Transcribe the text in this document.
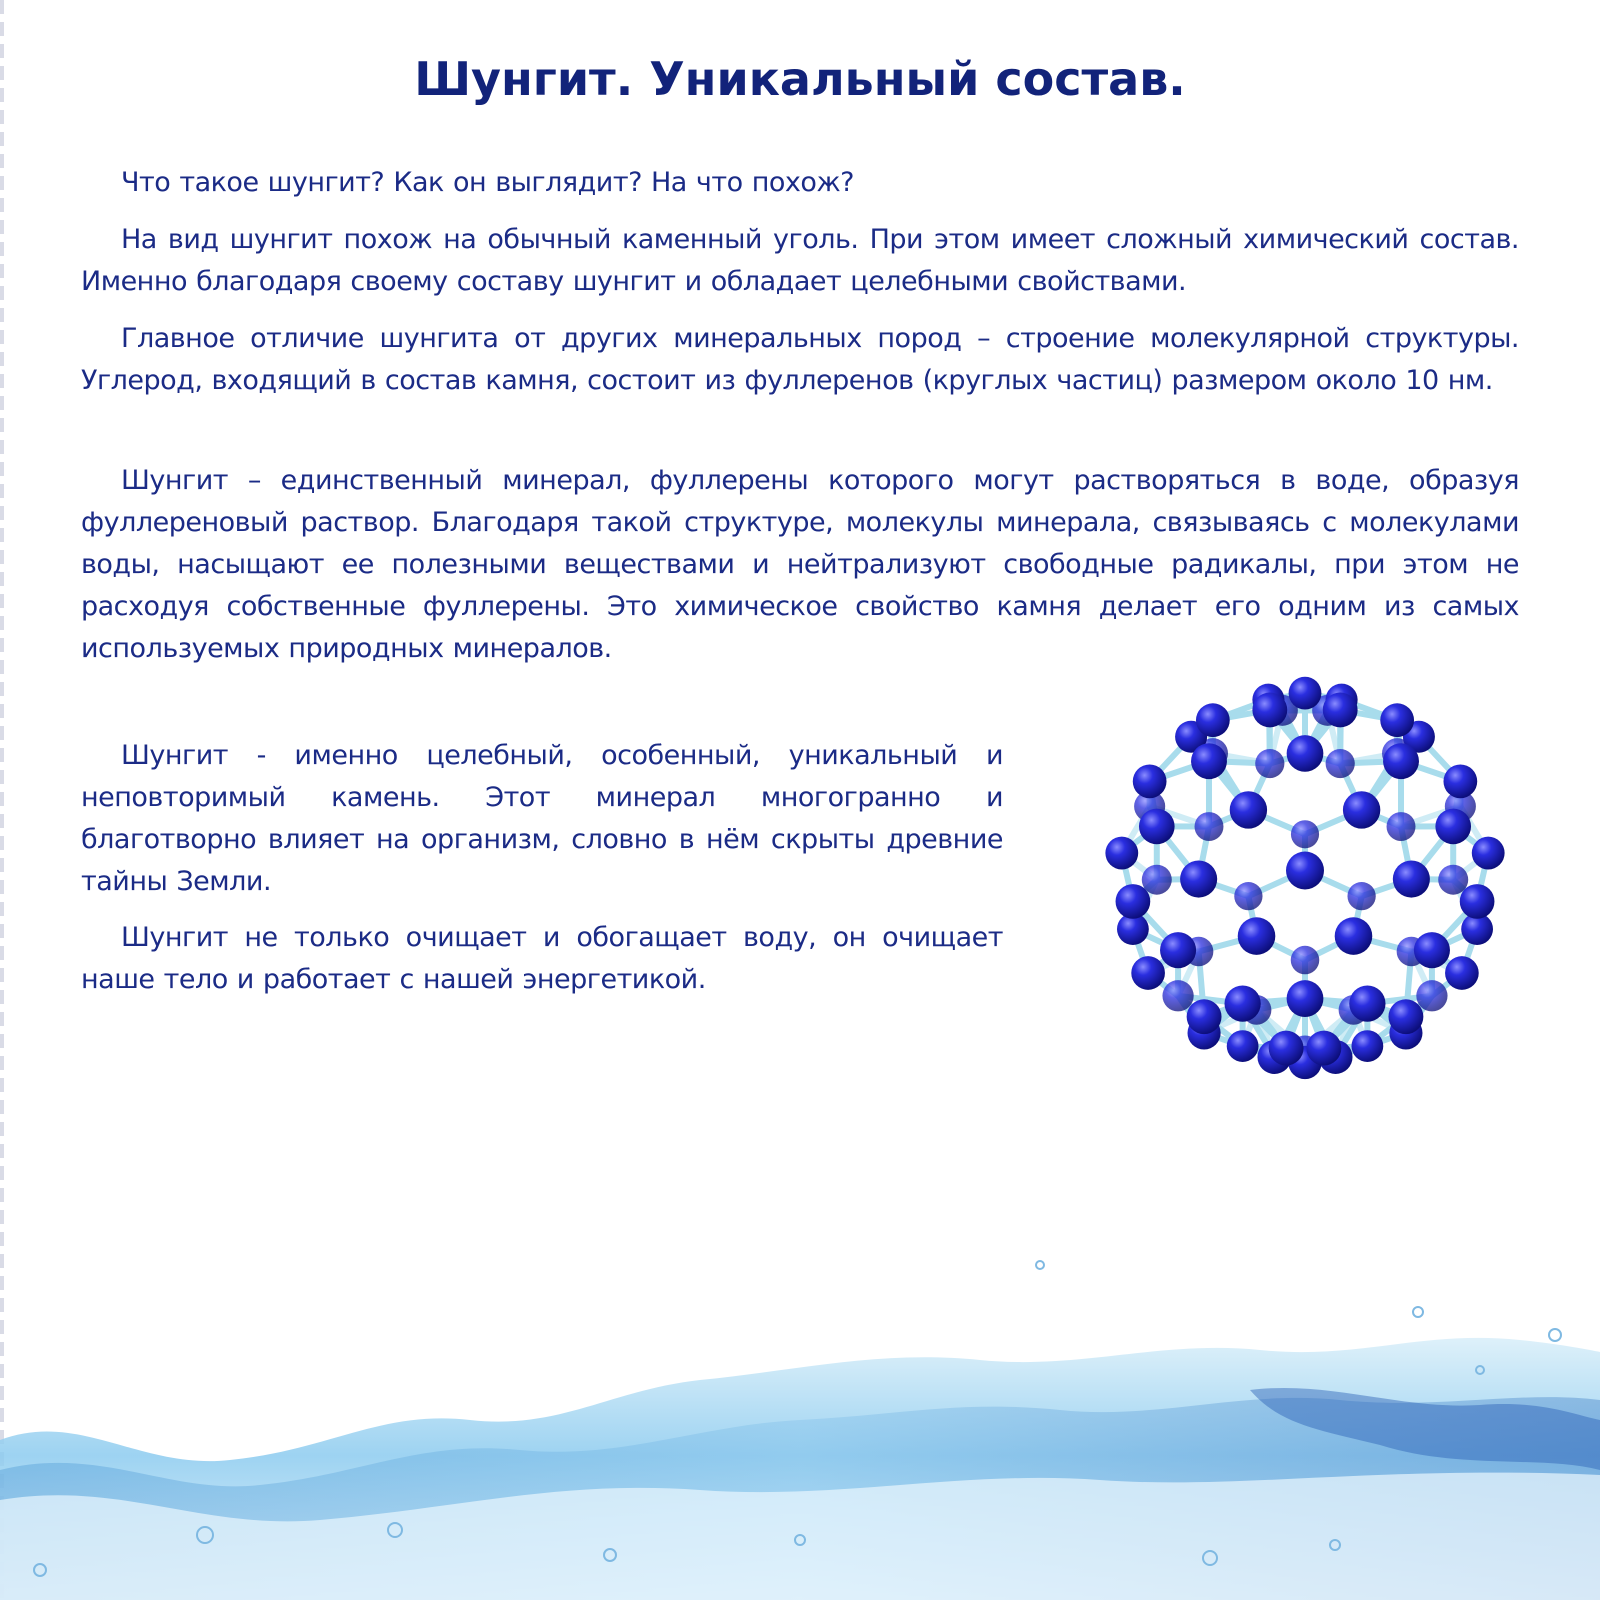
Шунгит. Уникальный состав.

Что такое шунгит? Как он выглядит? На что похож?

На вид шунгит похож на обычный каменный уголь. При этом имеет сложный химический состав. Именно благодаря своему составу шунгит и обладает целебными свойствами.

Главное отличие шунгита от других минеральных пород – строение молекулярной структуры. Углерод, входящий в состав камня, состоит из фуллеренов (круглых частиц) размером около 10 нм.

Шунгит – единственный минерал, фуллерены которого могут растворяться в воде, образуя фуллереновый раствор. Благодаря такой структуре, молекулы минерала, связываясь с молекулами воды, насыщают ее полезными веществами и нейтрализуют свободные радикалы, при этом не расходуя собственные фуллерены. Это химическое свойство камня делает его одним из самых используемых природных минералов.

Шунгит - именно целебный, особенный, уникальный и неповторимый камень. Этот минерал многогранно и благотворно влияет на организм, словно в нём скрыты древние тайны Земли.

Шунгит не только очищает и обогащает воду, он очищает наше тело и работает с нашей энергетикой.
